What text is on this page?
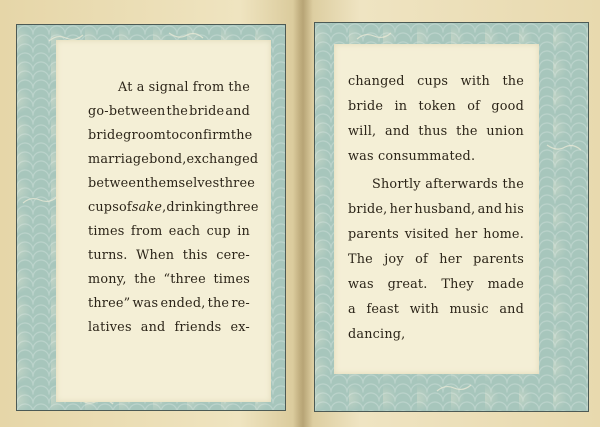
At a signal from the
go-between the bride and
bridegroom to confirm the
marriage bond, exchanged
between themselves three
cups of sake, drinking three
times from each cup in
turns. When this cere-
mony, the “three times
three” was ended, the re-
latives and friends ex-
changed cups with the
bride in token of good
will, and thus the union
was consummated.
Shortly afterwards the
bride, her husband, and his
parents visited her home.
The joy of her parents
was great. They made
a feast with music and
dancing,
